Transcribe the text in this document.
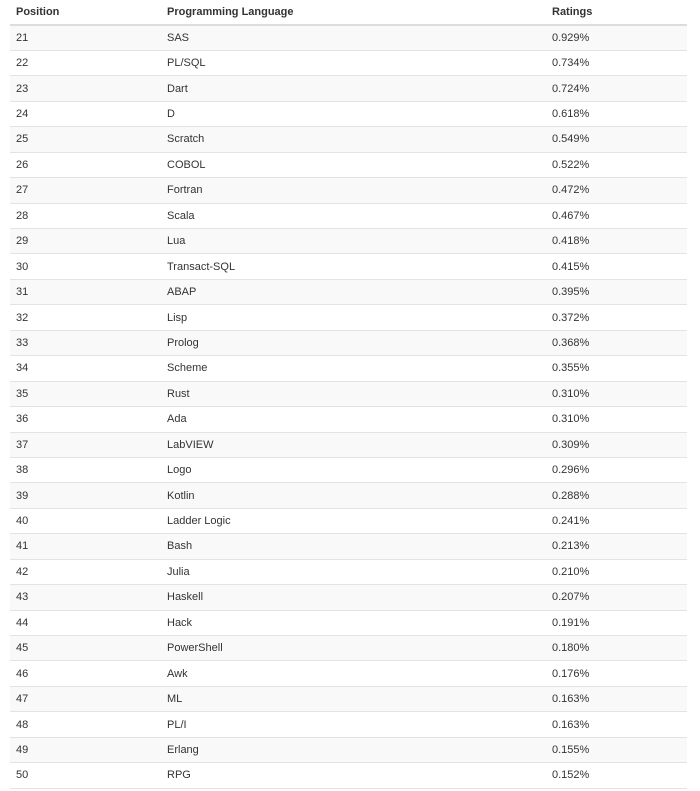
Position	Programming Language	Ratings
21	SAS	0.929%
22	PL/SQL	0.734%
23	Dart	0.724%
24	D	0.618%
25	Scratch	0.549%
26	COBOL	0.522%
27	Fortran	0.472%
28	Scala	0.467%
29	Lua	0.418%
30	Transact-SQL	0.415%
31	ABAP	0.395%
32	Lisp	0.372%
33	Prolog	0.368%
34	Scheme	0.355%
35	Rust	0.310%
36	Ada	0.310%
37	LabVIEW	0.309%
38	Logo	0.296%
39	Kotlin	0.288%
40	Ladder Logic	0.241%
41	Bash	0.213%
42	Julia	0.210%
43	Haskell	0.207%
44	Hack	0.191%
45	PowerShell	0.180%
46	Awk	0.176%
47	ML	0.163%
48	PL/I	0.163%
49	Erlang	0.155%
50	RPG	0.152%
